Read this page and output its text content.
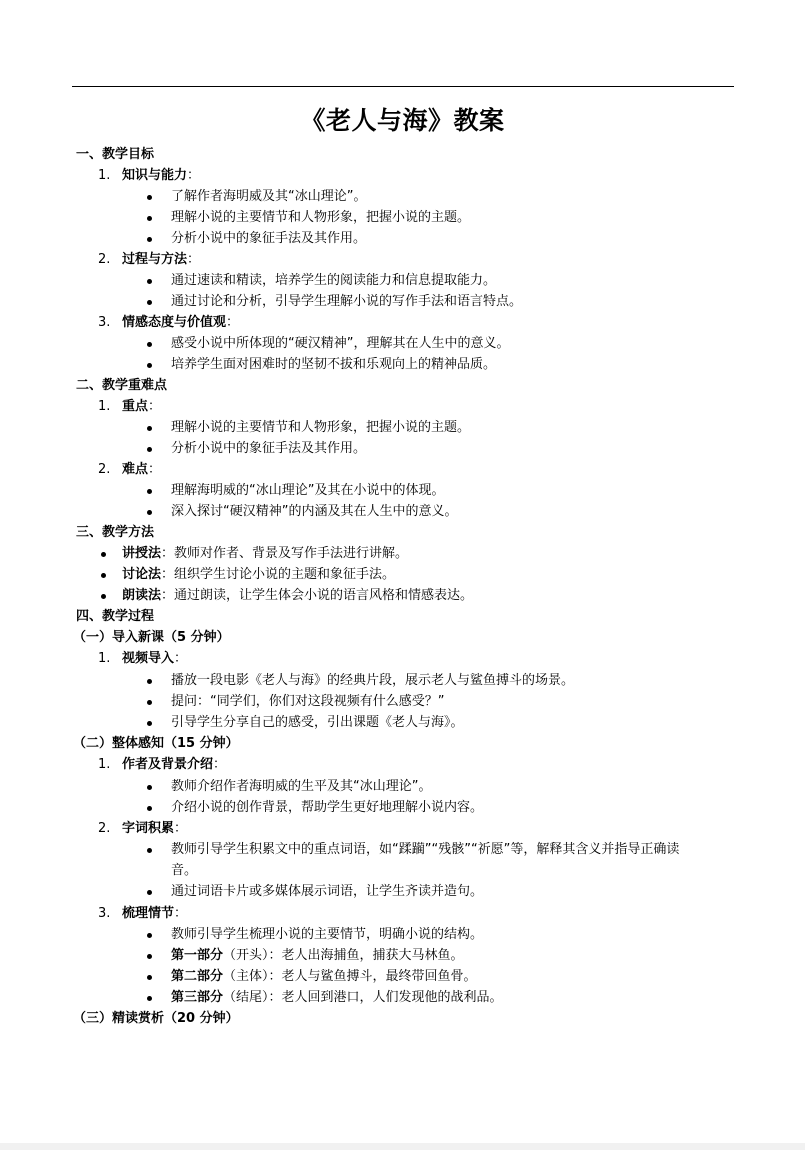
《老人与海》教案
一、教学目标
1. 知识与能力：
了解作者海明威及其“冰山理论”。
理解小说的主要情节和人物形象，把握小说的主题。
分析小说中的象征手法及其作用。
2. 过程与方法：
通过速读和精读，培养学生的阅读能力和信息提取能力。
通过讨论和分析，引导学生理解小说的写作手法和语言特点。
3. 情感态度与价值观：
感受小说中所体现的“硬汉精神”，理解其在人生中的意义。
培养学生面对困难时的坚韧不拔和乐观向上的精神品质。
二、教学重难点
1. 重点：
理解小说的主要情节和人物形象，把握小说的主题。
分析小说中的象征手法及其作用。
2. 难点：
理解海明威的“冰山理论”及其在小说中的体现。
深入探讨“硬汉精神”的内涵及其在人生中的意义。
三、教学方法
讲授法：教师对作者、背景及写作手法进行讲解。
讨论法：组织学生讨论小说的主题和象征手法。
朗读法：通过朗读，让学生体会小说的语言风格和情感表达。
四、教学过程
（一）导入新课（5 分钟）
1. 视频导入：
播放一段电影《老人与海》的经典片段，展示老人与鲨鱼搏斗的场景。
提问：“同学们，你们对这段视频有什么感受？”
引导学生分享自己的感受，引出课题《老人与海》。
（二）整体感知（15 分钟）
1. 作者及背景介绍：
教师介绍作者海明威的生平及其“冰山理论”。
介绍小说的创作背景，帮助学生更好地理解小说内容。
2. 字词积累：
教师引导学生积累文中的重点词语，如“蹂躏”“残骸”“祈愿”等，解释其含义并指导正确读
音。
通过词语卡片或多媒体展示词语，让学生齐读并造句。
3. 梳理情节：
教师引导学生梳理小说的主要情节，明确小说的结构。
第一部分（开头）：老人出海捕鱼，捕获大马林鱼。
第二部分（主体）：老人与鲨鱼搏斗，最终带回鱼骨。
第三部分（结尾）：老人回到港口，人们发现他的战利品。
（三）精读赏析（20 分钟）
